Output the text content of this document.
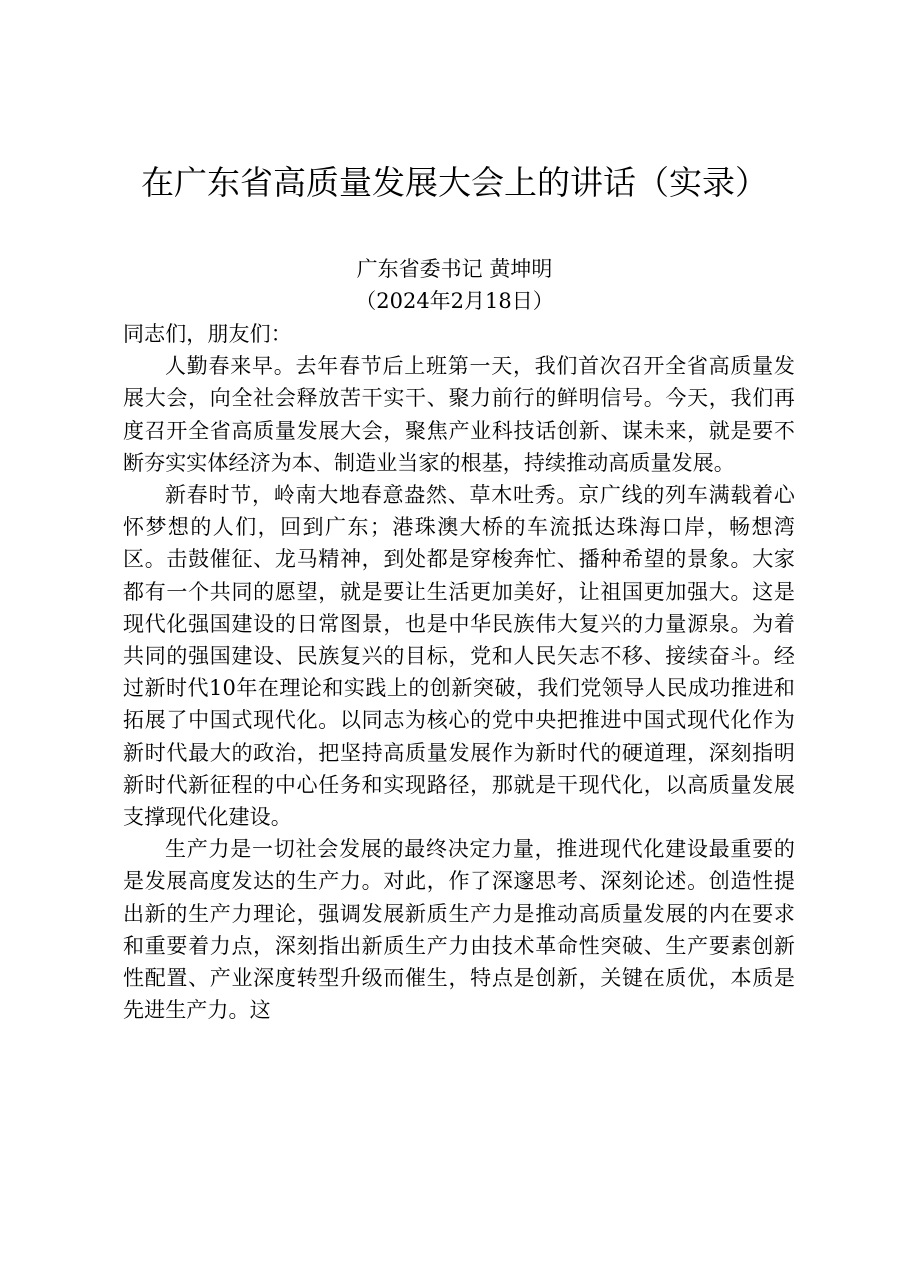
在广东省高质量发展大会上的讲话（实录）
广东省委书记 黄坤明
（2024年2月18日）

同志们，朋友们：

人勤春来早。去年春节后上班第一天，我们首次召开全省高质量发展大会，向全社会释放苦干实干、聚力前行的鲜明信号。今天，我们再度召开全省高质量发展大会，聚焦产业科技话创新、谋未来，就是要不断夯实实体经济为本、制造业当家的根基，持续推动高质量发展。

新春时节，岭南大地春意盎然、草木吐秀。京广线的列车满载着心怀梦想的人们，回到广东；港珠澳大桥的车流抵达珠海口岸，畅想湾区。击鼓催征、龙马精神，到处都是穿梭奔忙、播种希望的景象。大家都有一个共同的愿望，就是要让生活更加美好，让祖国更加强大。这是现代化强国建设的日常图景，也是中华民族伟大复兴的力量源泉。为着共同的强国建设、民族复兴的目标，党和人民矢志不移、接续奋斗。经过新时代10年在理论和实践上的创新突破，我们党领导人民成功推进和拓展了中国式现代化。以同志为核心的党中央把推进中国式现代化作为新时代最大的政治，把坚持高质量发展作为新时代的硬道理，深刻指明新时代新征程的中心任务和实现路径，那就是干现代化，以高质量发展支撑现代化建设。

生产力是一切社会发展的最终决定力量，推进现代化建设最重要的是发展高度发达的生产力。对此，作了深邃思考、深刻论述。创造性提出新的生产力理论，强调发展新质生产力是推动高质量发展的内在要求和重要着力点，深刻指出新质生产力由技术革命性突破、生产要素创新性配置、产业深度转型升级而催生，特点是创新，关键在质优，本质是先进生产力。这
